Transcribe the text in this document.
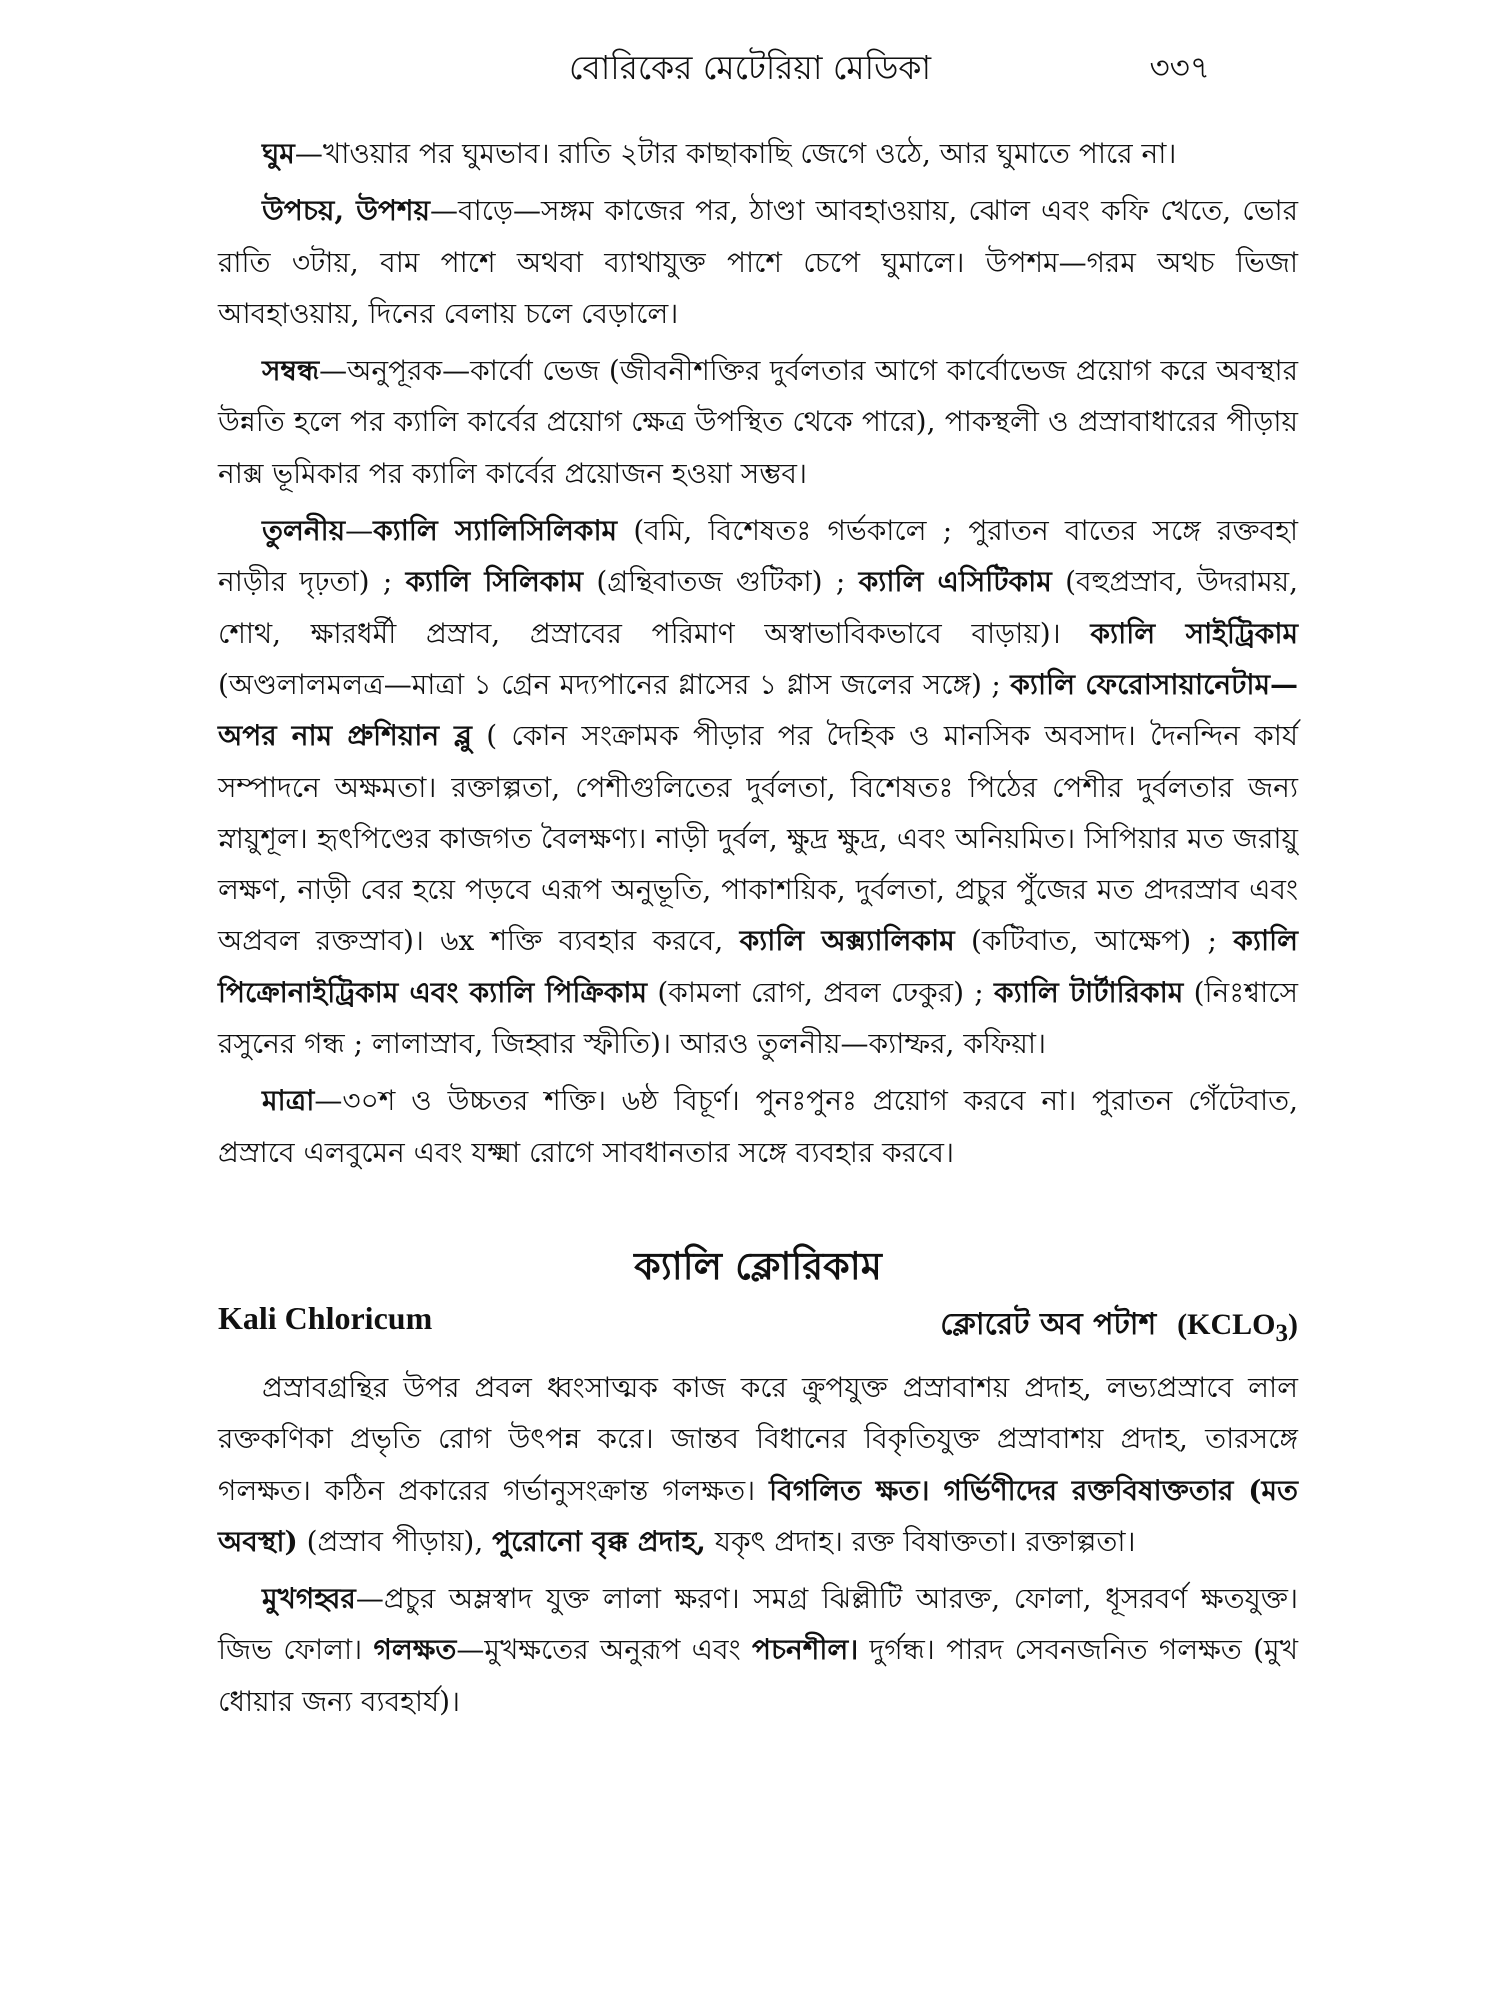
বোরিকের মেটেরিয়া মেডিকা	৩৩৭

ঘুম—খাওয়ার পর ঘুমভাব। রাতি ২টার কাছাকাছি জেগে ওঠে, আর ঘুমাতে পারে না।

উপচয়, উপশয়—বাড়ে—সঙ্গম কাজের পর, ঠাণ্ডা আবহাওয়ায়, ঝোল এবং কফি খেতে, ভোর রাতি ৩টায়, বাম পাশে অথবা ব্যাথাযুক্ত পাশে চেপে ঘুমালে। উপশম—গরম অথচ ভিজা আবহাওয়ায়, দিনের বেলায় চলে বেড়ালে।

সম্বন্ধ—অনুপূরক—কার্বো ভেজ (জীবনীশক্তির দুর্বলতার আগে কার্বোভেজ প্রয়োগ করে অবস্থার উন্নতি হলে পর ক্যালি কার্বের প্রয়োগ ক্ষেত্র উপস্থিত থেকে পারে), পাকস্থলী ও প্রস্রাবাধারের পীড়ায় নাক্স ভূমিকার পর ক্যালি কার্বের প্রয়োজন হওয়া সম্ভব।

তুলনীয়—ক্যালি স্যালিসিলিকাম (বমি, বিশেষতঃ গর্ভকালে ; পুরাতন বাতের সঙ্গে রক্তবহা নাড়ীর দৃঢ়তা) ; ক্যালি সিলিকাম (গ্রন্থিবাতজ গুটিকা) ; ক্যালি এসিটিকাম (বহুপ্রস্রাব, উদরাময়, শোথ, ক্ষারধর্মী প্রস্রাব, প্রস্রাবের পরিমাণ অস্বাভাবিকভাবে বাড়ায়)। ক্যালি সাইট্রিকাম (অণ্ডলালমলত্র—মাত্রা ১ গ্রেন মদ্যপানের গ্লাসের ১ গ্লাস জলের সঙ্গে) ; ক্যালি ফেরোসায়ানেটাম—অপর নাম প্রুশিয়ান ব্লু ( কোন সংক্রামক পীড়ার পর দৈহিক ও মানসিক অবসাদ। দৈনন্দিন কার্য সম্পাদনে অক্ষমতা। রক্তাল্পতা, পেশীগুলিতের দুর্বলতা, বিশেষতঃ পিঠের পেশীর দুর্বলতার জন্য স্নায়ুশূল। হৃৎপিণ্ডের কাজগত বৈলক্ষণ্য। নাড়ী দুর্বল, ক্ষুদ্র ক্ষুদ্র, এবং অনিয়মিত। সিপিয়ার মত জরায়ু লক্ষণ, নাড়ী বের হয়ে পড়বে এরূপ অনুভূতি, পাকাশয়িক, দুর্বলতা, প্রচুর পুঁজের মত প্রদরস্রাব এবং অপ্রবল রক্তস্রাব)। ৬x শক্তি ব্যবহার করবে, ক্যালি অক্স্যালিকাম (কটিবাত, আক্ষেপ) ; ক্যালি পিক্রোনাইট্রিকাম এবং ক্যালি পিক্রিকাম (কামলা রোগ, প্রবল ঢেকুর) ; ক্যালি টার্টারিকাম (নিঃশ্বাসে রসুনের গন্ধ ; লালাস্রাব, জিহ্বার স্ফীতি)। আরও তুলনীয়—ক্যাম্ফর, কফিয়া।

মাত্রা—৩০শ ও উচ্চতর শক্তি। ৬ষ্ঠ বিচূর্ণ। পুনঃপুনঃ প্রয়োগ করবে না। পুরাতন গেঁটেবাত, প্রস্রাবে এলবুমেন এবং যক্ষ্মা রোগে সাবধানতার সঙ্গে ব্যবহার করবে।

ক্যালি ক্লোরিকাম
Kali Chloricum	ক্লোরেট অব পটাশ $(KCLO_3)$

প্রস্রাবগ্রন্থির উপর প্রবল ধ্বংসাত্মক কাজ করে ক্রুপযুক্ত প্রস্রাবাশয় প্রদাহ, লভ্যপ্রস্রাবে লাল রক্তকণিকা প্রভৃতি রোগ উৎপন্ন করে। জান্তব বিধানের বিকৃতিযুক্ত প্রস্রাবাশয় প্রদাহ, তারসঙ্গে গলক্ষত। কঠিন প্রকারের গর্ভানুসংক্রান্ত গলক্ষত। বিগলিত ক্ষত। গর্ভিণীদের রক্তবিষাক্ততার (মত অবস্থা) (প্রস্রাব পীড়ায়), পুরোনো বৃক্ক প্রদাহ, যকৃৎ প্রদাহ। রক্ত বিষাক্ততা। রক্তাল্পতা।

মুখগহ্বর—প্রচুর অম্লস্বাদ যুক্ত লালা ক্ষরণ। সমগ্র ঝিল্লীটি আরক্ত, ফোলা, ধূসরবর্ণ ক্ষতযুক্ত। জিভ ফোলা। গলক্ষত—মুখক্ষতের অনুরূপ এবং পচনশীল। দুর্গন্ধ। পারদ সেবনজনিত গলক্ষত (মুখ ধোয়ার জন্য ব্যবহার্য)।
